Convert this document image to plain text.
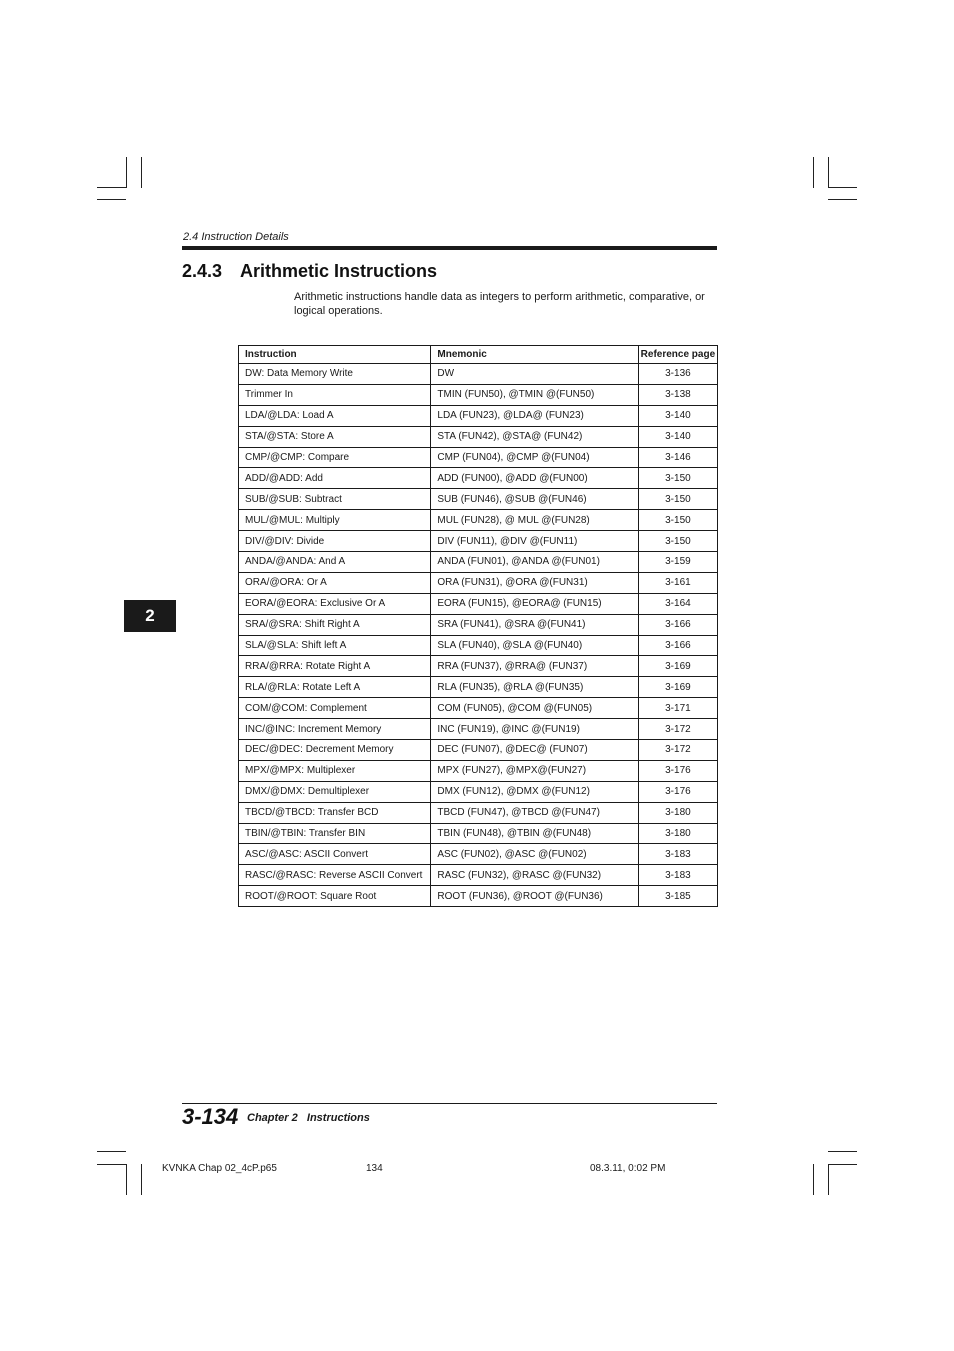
2.4 Instruction Details
2.4.3 Arithmetic Instructions

Arithmetic instructions handle data as integers to perform arithmetic, comparative, or logical operations.

Instruction	Mnemonic	Reference page
DW: Data Memory Write	DW	3-136
Trimmer In	TMIN (FUN50), @TMIN @(FUN50)	3-138
LDA/@LDA: Load A	LDA (FUN23), @LDA@ (FUN23)	3-140
STA/@STA: Store A	STA (FUN42), @STA@ (FUN42)	3-140
CMP/@CMP: Compare	CMP (FUN04), @CMP @(FUN04)	3-146
ADD/@ADD: Add	ADD (FUN00), @ADD @(FUN00)	3-150
SUB/@SUB: Subtract	SUB (FUN46), @SUB @(FUN46)	3-150
MUL/@MUL: Multiply	MUL (FUN28), @ MUL @(FUN28)	3-150
DIV/@DIV: Divide	DIV (FUN11), @DIV @(FUN11)	3-150
ANDA/@ANDA: And A	ANDA (FUN01), @ANDA @(FUN01)	3-159
ORA/@ORA: Or A	ORA (FUN31), @ORA @(FUN31)	3-161
EORA/@EORA: Exclusive Or A	EORA (FUN15), @EORA@ (FUN15)	3-164
SRA/@SRA: Shift Right A	SRA (FUN41), @SRA @(FUN41)	3-166
SLA/@SLA: Shift left A	SLA (FUN40), @SLA @(FUN40)	3-166
RRA/@RRA: Rotate Right A	RRA (FUN37), @RRA@ (FUN37)	3-169
RLA/@RLA: Rotate Left A	RLA (FUN35), @RLA @(FUN35)	3-169
COM/@COM: Complement	COM (FUN05), @COM @(FUN05)	3-171
INC/@INC: Increment Memory	INC (FUN19), @INC @(FUN19)	3-172
DEC/@DEC: Decrement Memory	DEC (FUN07), @DEC@ (FUN07)	3-172
MPX/@MPX: Multiplexer	MPX (FUN27), @MPX@(FUN27)	3-176
DMX/@DMX: Demultiplexer	DMX (FUN12), @DMX @(FUN12)	3-176
TBCD/@TBCD: Transfer BCD	TBCD (FUN47), @TBCD @(FUN47)	3-180
TBIN/@TBIN: Transfer BIN	TBIN (FUN48), @TBIN @(FUN48)	3-180
ASC/@ASC: ASCII Convert	ASC (FUN02), @ASC @(FUN02)	3-183
RASC/@RASC: Reverse ASCII Convert	RASC (FUN32), @RASC @(FUN32)	3-183
ROOT/@ROOT: Square Root	ROOT (FUN36), @ROOT @(FUN36)	3-185
2
3-134 Chapter 2   Instructions
KVNKA Chap 02_4cP.p65	134	08.3.11, 0:02 PM
